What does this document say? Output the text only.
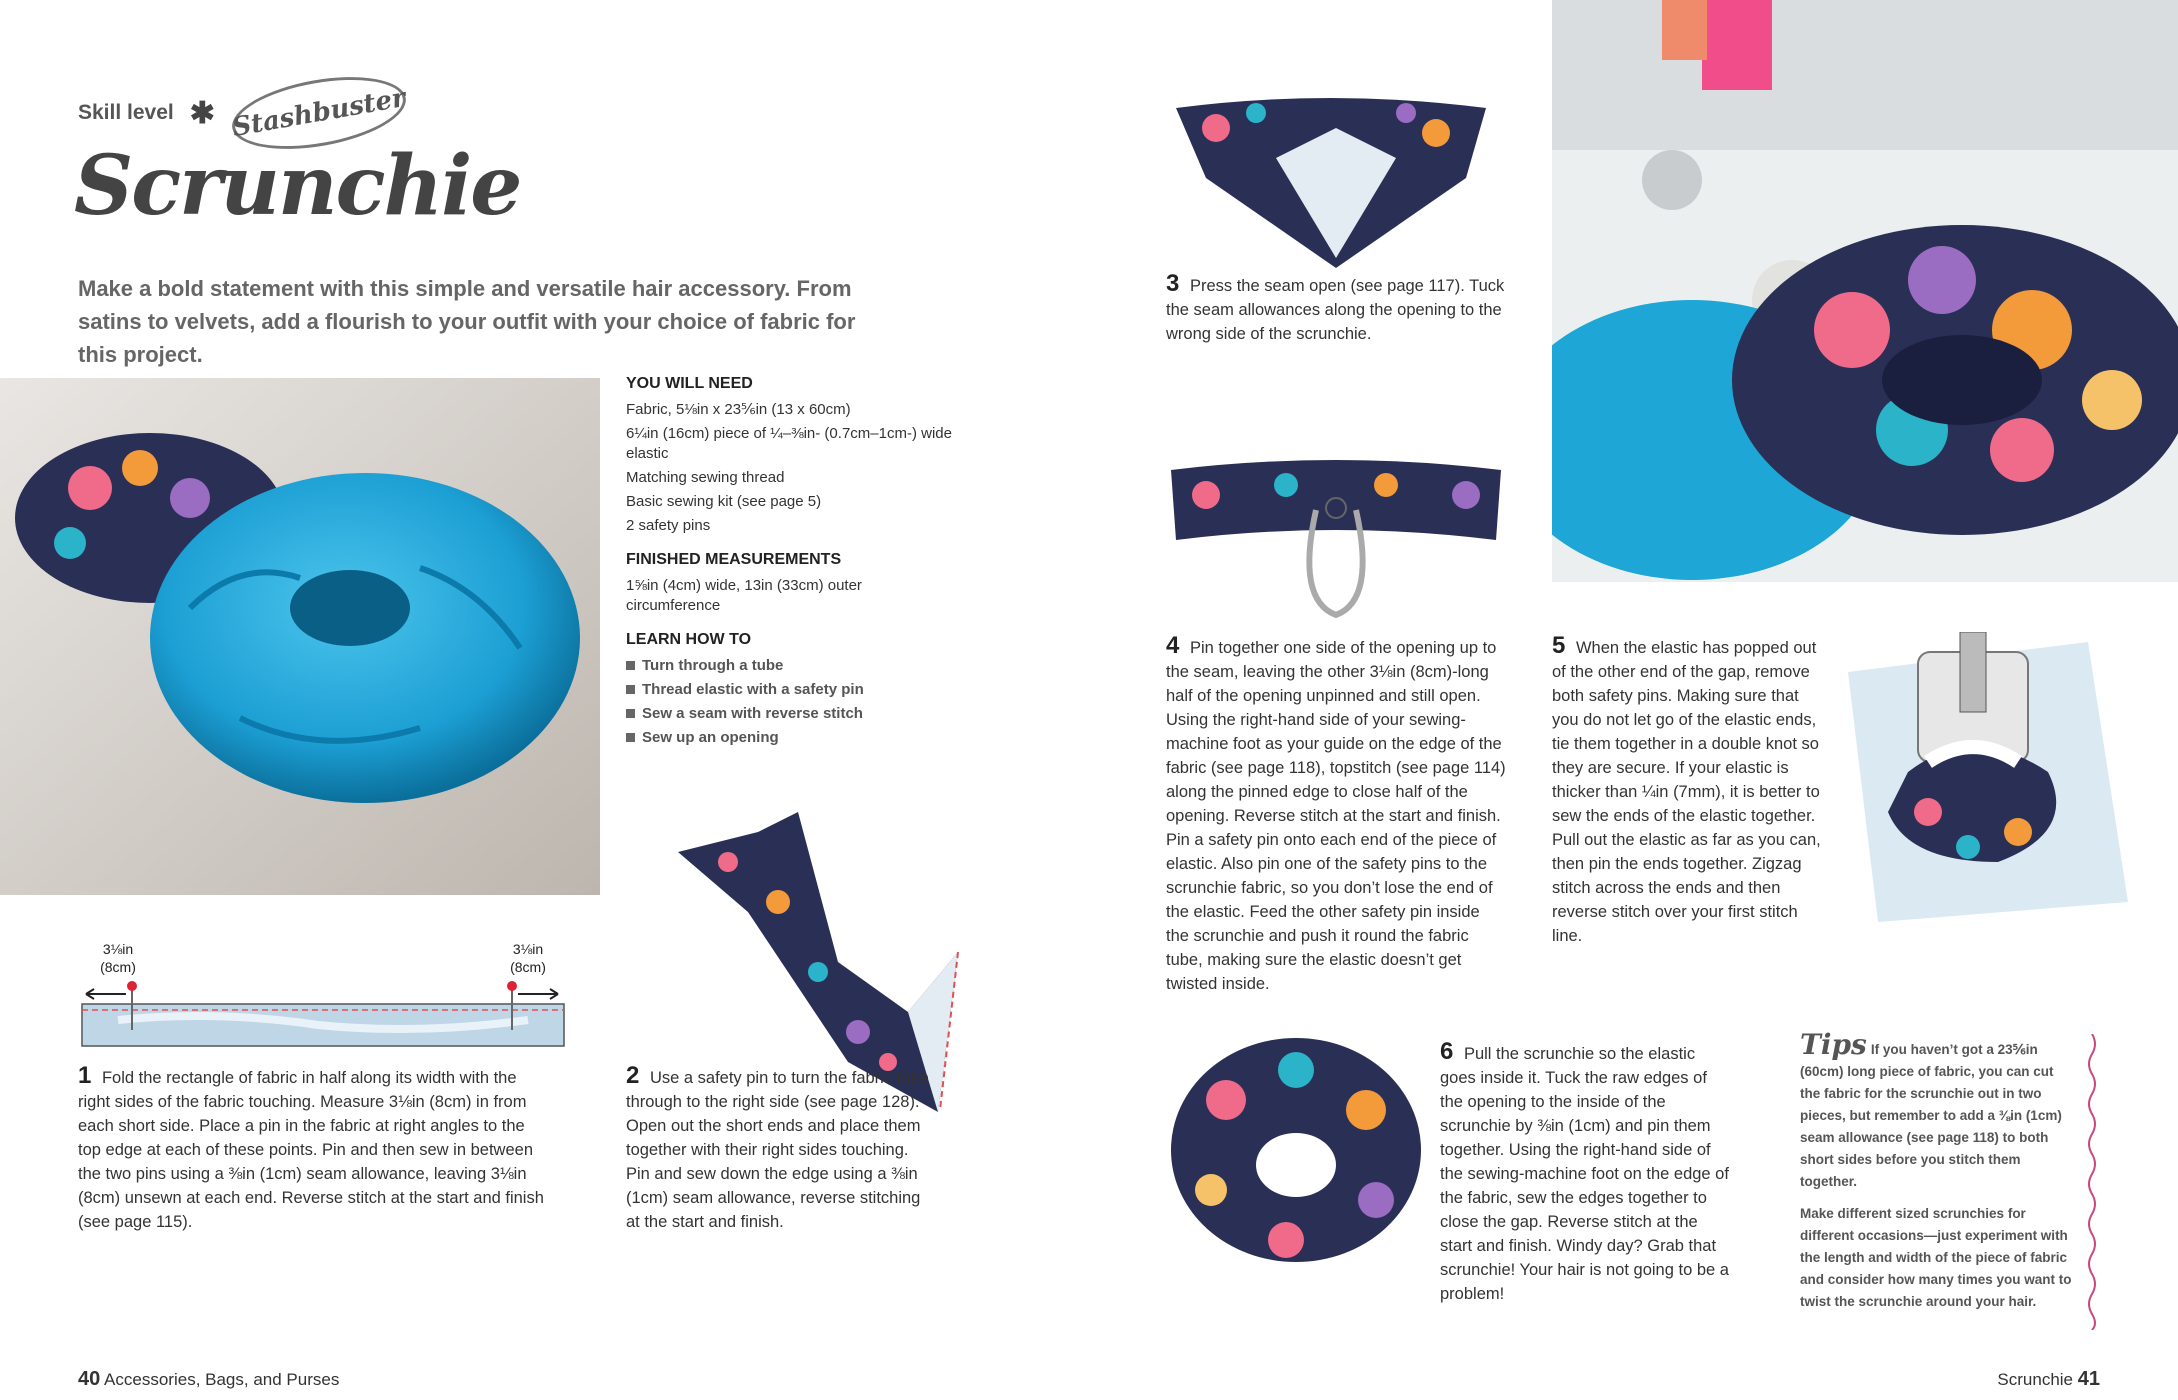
Skill level ✱ Stashbuster
Scrunchie
Make a bold statement with this simple and versatile hair accessory. From satins to velvets, add a flourish to your outfit with your choice of fabric for this project.
YOU WILL NEED

Fabric, 5⅛in x 23⅚in (13 x 60cm)

6¼in (16cm) piece of ¼–⅜in- (0.7cm–1cm-) wide elastic

Matching sewing thread

Basic sewing kit (see page 5)

2 safety pins

FINISHED MEASUREMENTS

1⅝in (4cm) wide, 13in (33cm) outer circumference

LEARN HOW TO
Turn through a tube
Thread elastic with a safety pin
Sew a seam with reverse stitch
Sew up an opening
3⅛in
(8cm)
3⅛in
(8cm)
1 Fold the rectangle of fabric in half along its width with the right sides of the fabric touching. Measure 3⅛in (8cm) in from each short side. Place a pin in the fabric at right angles to the top edge at each of these points. Pin and then sew in between the two pins using a ⅜in (1cm) seam allowance, leaving 3⅛in (8cm) unsewn at each end. Reverse stitch at the start and finish (see page 115).
2 Use a safety pin to turn the fabric tube through to the right side (see page 128). Open out the short ends and place them together with their right sides touching. Pin and sew down the edge using a ⅜in (1cm) seam allowance, reverse stitching at the start and finish.
3 Press the seam open (see page 117). Tuck the seam allowances along the opening to the wrong side of the scrunchie.
4 Pin together one side of the opening up to the seam, leaving the other 3⅛in (8cm)-long half of the opening unpinned and still open. Using the right-hand side of your sewing-machine foot as your guide on the edge of the fabric (see page 118), topstitch (see page 114) along the pinned edge to close half of the opening. Reverse stitch at the start and finish. Pin a safety pin onto each end of the piece of elastic. Also pin one of the safety pins to the scrunchie fabric, so you don’t lose the end of the elastic. Feed the other safety pin inside the scrunchie and push it round the fabric tube, making sure the elastic doesn’t get twisted inside.
5 When the elastic has popped out of the other end of the gap, remove both safety pins. Making sure that you do not let go of the elastic ends, tie them together in a double knot so they are secure. If your elastic is thicker than ¼in (7mm), it is better to sew the ends of the elastic together. Pull out the elastic as far as you can, then pin the ends together. Zigzag stitch across the ends and then reverse stitch over your first stitch line.
6 Pull the scrunchie so the elastic goes inside it. Tuck the raw edges of the opening to the inside of the scrunchie by ⅜in (1cm) and pin them together. Using the right-hand side of the sewing-machine foot on the edge of the fabric, sew the edges together to close the gap. Reverse stitch at the start and finish. Windy day? Grab that scrunchie! Your hair is not going to be a problem!

Tips If you haven’t got a 23⅚in (60cm) long piece of fabric, you can cut the fabric for the scrunchie out in two pieces, but remember to add a ⅜in (1cm) seam allowance (see page 118) to both short sides before you stitch them together.

Make different sized scrunchies for different occasions—just experiment with the length and width of the piece of fabric and consider how many times you want to twist the scrunchie around your hair.

40 Accessories, Bags, and Purses	Scrunchie 41
